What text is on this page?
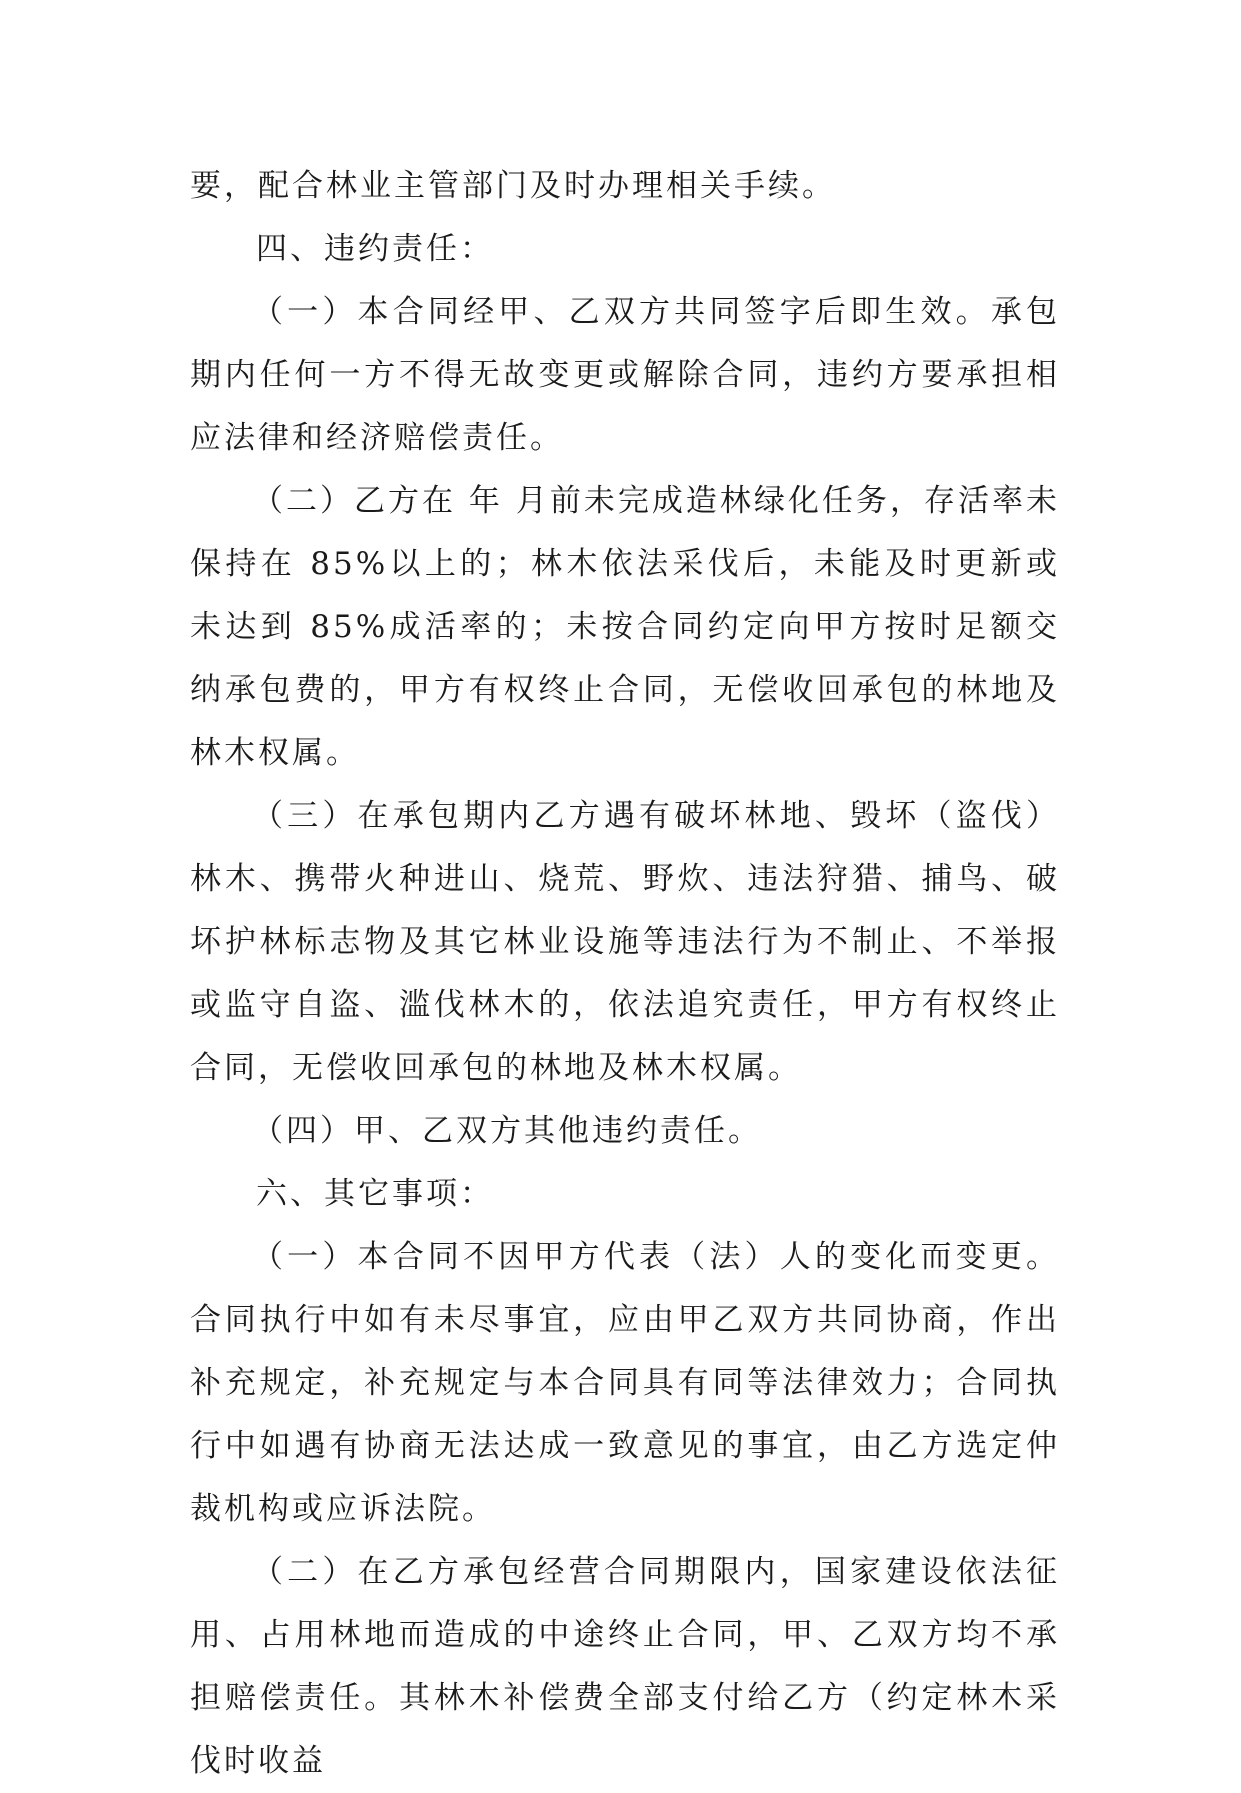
要，配合林业主管部门及时办理相关手续。

四、违约责任：

（一）本合同经甲、乙双方共同签字后即生效。承包期内任何一方不得无故变更或解除合同，违约方要承担相应法律和经济赔偿责任。

（二）乙方在 年 月前未完成造林绿化任务，存活率未保持在 85%以上的；林木依法采伐后，未能及时更新或未达到 85%成活率的；未按合同约定向甲方按时足额交纳承包费的，甲方有权终止合同，无偿收回承包的林地及林木权属。

（三）在承包期内乙方遇有破坏林地、毁坏（盗伐）林木、携带火种进山、烧荒、野炊、违法狩猎、捕鸟、破坏护林标志物及其它林业设施等违法行为不制止、不举报或监守自盗、滥伐林木的，依法追究责任，甲方有权终止合同，无偿收回承包的林地及林木权属。

（四）甲、乙双方其他违约责任。

六、其它事项：

（一）本合同不因甲方代表（法）人的变化而变更。合同执行中如有未尽事宜，应由甲乙双方共同协商，作出补充规定，补充规定与本合同具有同等法律效力；合同执行中如遇有协商无法达成一致意见的事宜，由乙方选定仲裁机构或应诉法院。

（二）在乙方承包经营合同期限内，国家建设依法征用、占用林地而造成的中途终止合同，甲、乙双方均不承担赔偿责任。其林木补偿费全部支付给乙方（约定林木采伐时收益
